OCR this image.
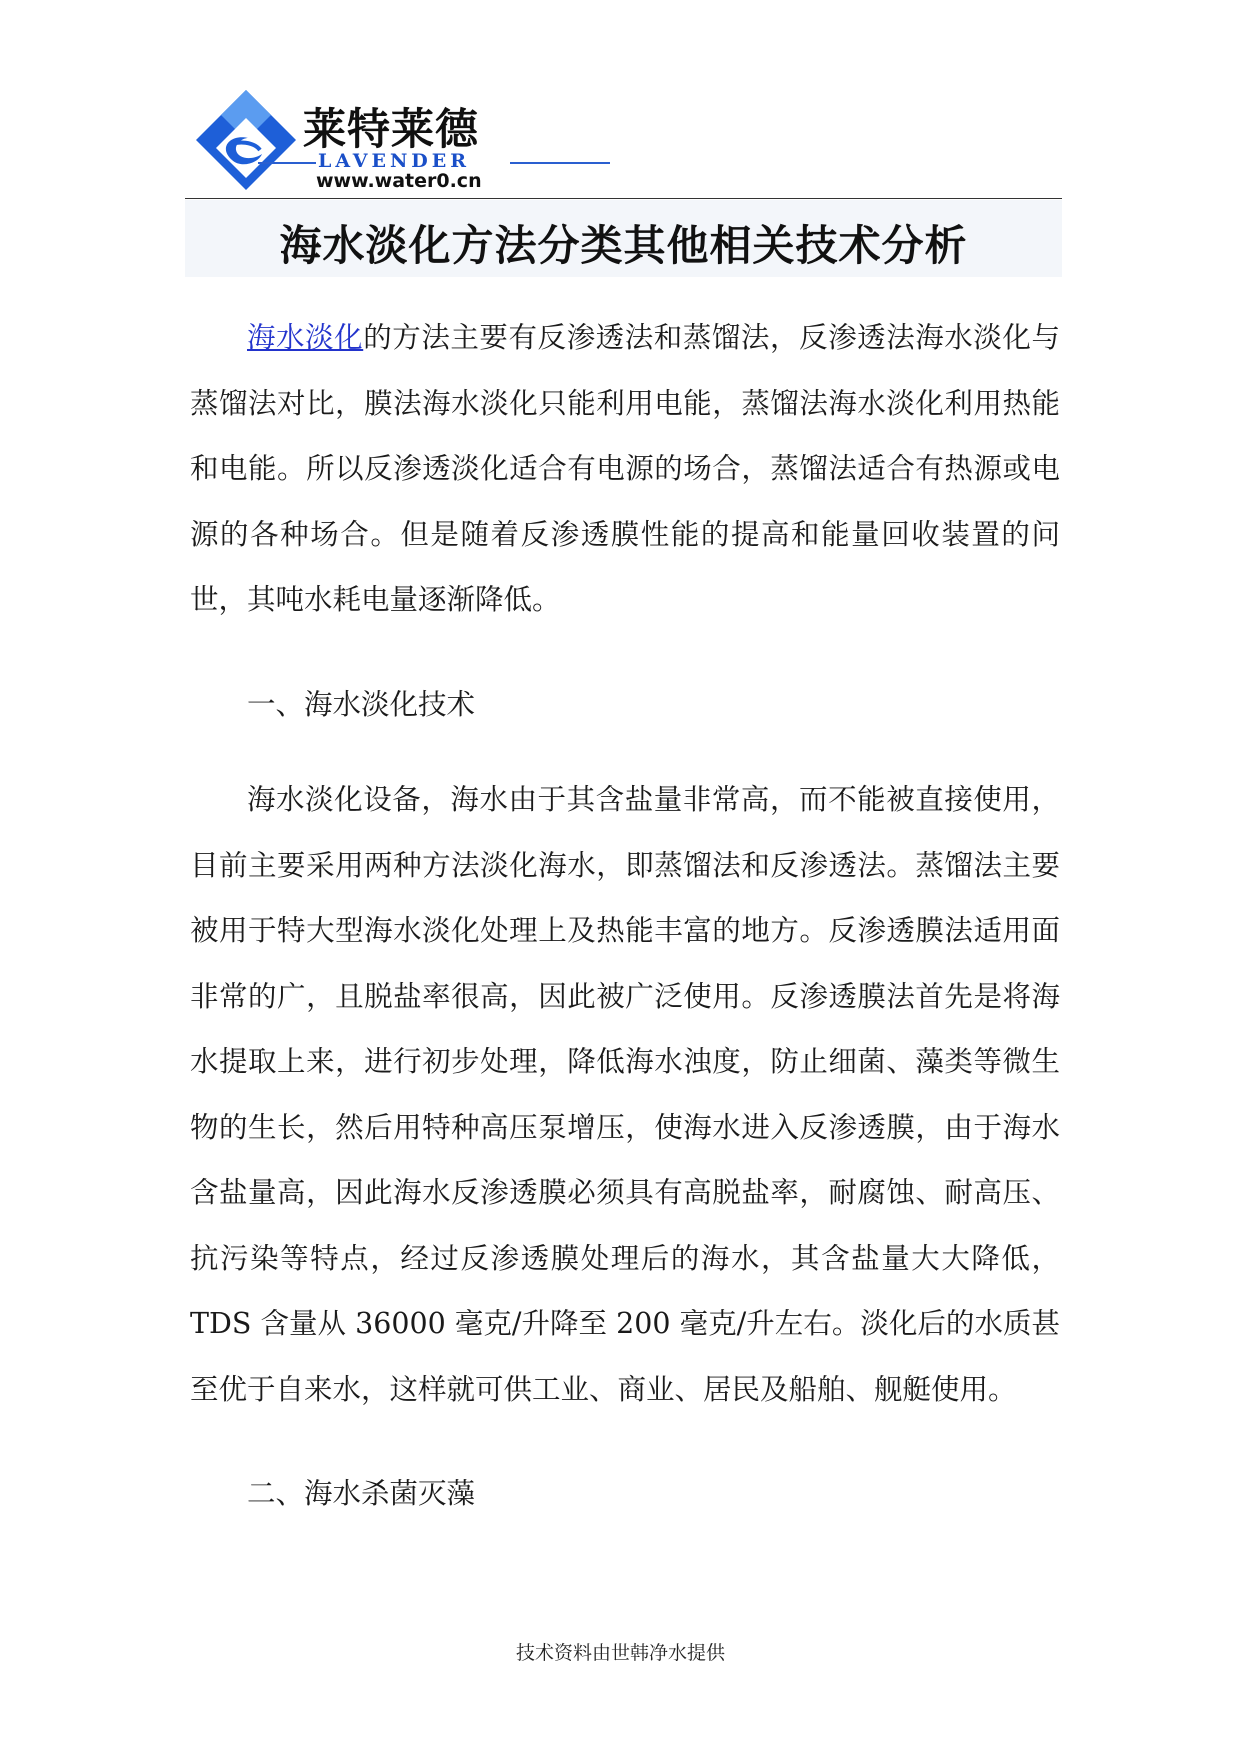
莱特莱德
LAVENDER
www.water0.cn
海水淡化方法分类其他相关技术分析

海水淡化的方法主要有反渗透法和蒸馏法，反渗透法海水淡化与蒸馏法对比，膜法海水淡化只能利用电能，蒸馏法海水淡化利用热能和电能。所以反渗透淡化适合有电源的场合，蒸馏法适合有热源或电源的各种场合。但是随着反渗透膜性能的提高和能量回收装置的问世，其吨水耗电量逐渐降低。

一、海水淡化技术

海水淡化设备，海水由于其含盐量非常高，而不能被直接使用，目前主要采用两种方法淡化海水，即蒸馏法和反渗透法。蒸馏法主要被用于特大型海水淡化处理上及热能丰富的地方。反渗透膜法适用面非常的广，且脱盐率很高，因此被广泛使用。反渗透膜法首先是将海水提取上来，进行初步处理，降低海水浊度，防止细菌、藻类等微生物的生长，然后用特种高压泵增压，使海水进入反渗透膜，由于海水含盐量高，因此海水反渗透膜必须具有高脱盐率，耐腐蚀、耐高压、抗污染等特点，经过反渗透膜处理后的海水，其含盐量大大降低，TDS 含量从 36000 毫克/升降至 200 毫克/升左右。淡化后的水质甚至优于自来水，这样就可供工业、商业、居民及船舶、舰艇使用。

二、海水杀菌灭藻

技术资料由世韩净水提供
